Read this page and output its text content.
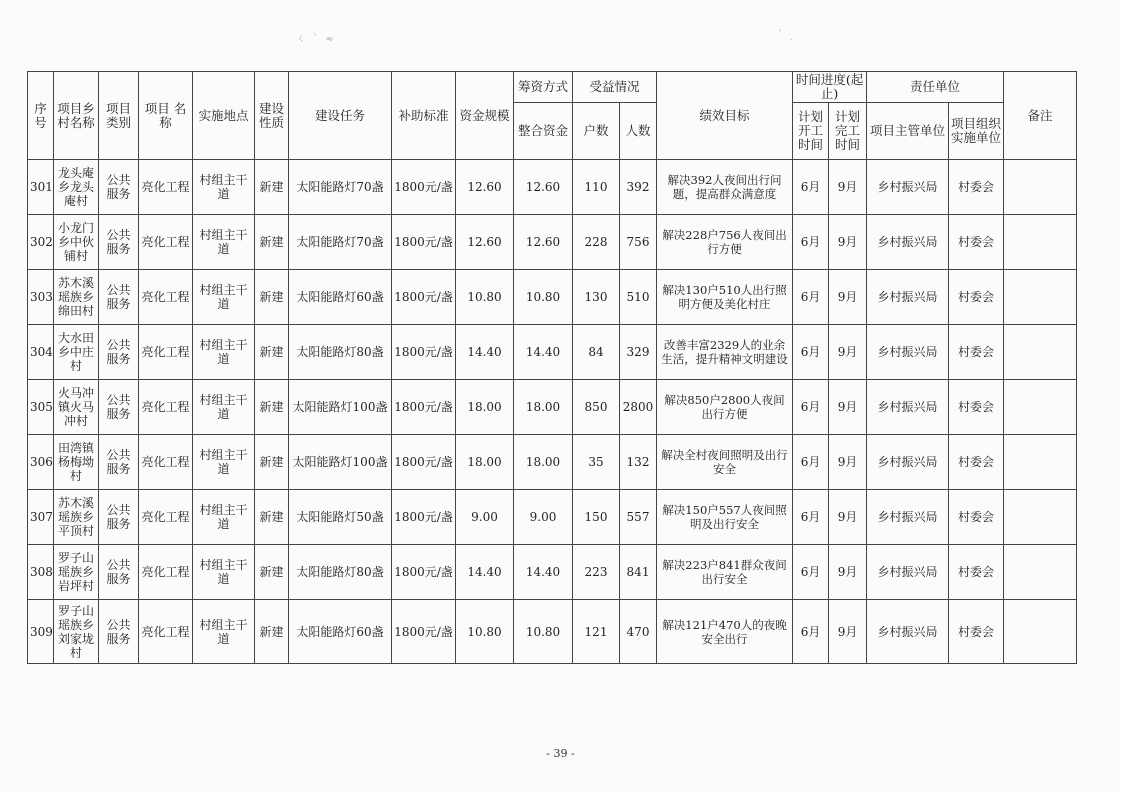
ㄑ ˋ ≈	ˋ ˎ
序号	项目乡村名称	项目类别	项目 名称	实施地点	建设性质	建设任务	补助标准	资金规模	筹资方式	受益情况		绩效目标	时间进度(起止)		责任单位		备注
									整合资金	户数	人数		计划开工时间	计划完工时间	项目主管单位	项目组织实施单位	
301	龙头庵乡龙头庵村	公共服务	亮化工程	村组主干道	新建	太阳能路灯70盏	1800元/盏	12.60	12.60	110	392	解决392人夜间出行问题，提高群众满意度	6月	9月	乡村振兴局	村委会	
302	小龙门乡中伙铺村	公共服务	亮化工程	村组主干道	新建	太阳能路灯70盏	1800元/盏	12.60	12.60	228	756	解决228户756人夜间出行方便	6月	9月	乡村振兴局	村委会	
303	苏木溪瑶族乡绵田村	公共服务	亮化工程	村组主干道	新建	太阳能路灯60盏	1800元/盏	10.80	10.80	130	510	解决130户510人出行照明方便及美化村庄	6月	9月	乡村振兴局	村委会	
304	大水田乡中庄村	公共服务	亮化工程	村组主干道	新建	太阳能路灯80盏	1800元/盏	14.40	14.40	84	329	改善丰富2329人的业余生活，提升精神文明建设	6月	9月	乡村振兴局	村委会	
305	火马冲镇火马冲村	公共服务	亮化工程	村组主干道	新建	太阳能路灯100盏	1800元/盏	18.00	18.00	850	2800	解决850户2800人夜间出行方便	6月	9月	乡村振兴局	村委会	
306	田湾镇杨梅坳村	公共服务	亮化工程	村组主干道	新建	太阳能路灯100盏	1800元/盏	18.00	18.00	35	132	解决全村夜间照明及出行安全	6月	9月	乡村振兴局	村委会	
307	苏木溪瑶族乡平顶村	公共服务	亮化工程	村组主干道	新建	太阳能路灯50盏	1800元/盏	9.00	9.00	150	557	解决150户557人夜间照明及出行安全	6月	9月	乡村振兴局	村委会	
308	罗子山瑶族乡岩坪村	公共服务	亮化工程	村组主干道	新建	太阳能路灯80盏	1800元/盏	14.40	14.40	223	841	解决223户841群众夜间出行安全	6月	9月	乡村振兴局	村委会	
309	罗子山瑶族乡刘家垅村	公共服务	亮化工程	村组主干道	新建	太阳能路灯60盏	1800元/盏	10.80	10.80	121	470	解决121户470人的夜晚安全出行	6月	9月	乡村振兴局	村委会	
- 39 -
